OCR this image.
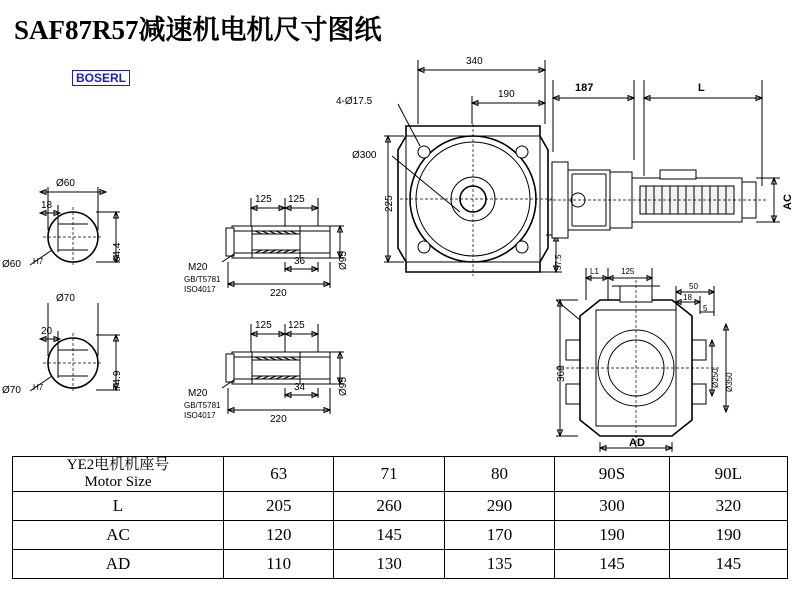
SAF87R57减速机电机尺寸图纸
BOSERL
Ø60
18
64.4
Ø60 H7
Ø70
20
74.9
Ø70 H7
125 125
36
220
Ø95
M20
GB/T5781
ISO4017
125 125
34
220
Ø95
M20
GB/T5781
ISO4017
340
190
187	L
4-Ø17.5
Ø300
225
37.5
AC
L1	125
50
18
5
368	Ø250 Ø350
AD
YE2电机机座号
Motor Size	63	71	80	90S	90L
L	205	260	290	300	320
AC	120	145	170	190	190
AD	110	130	135	145	145
